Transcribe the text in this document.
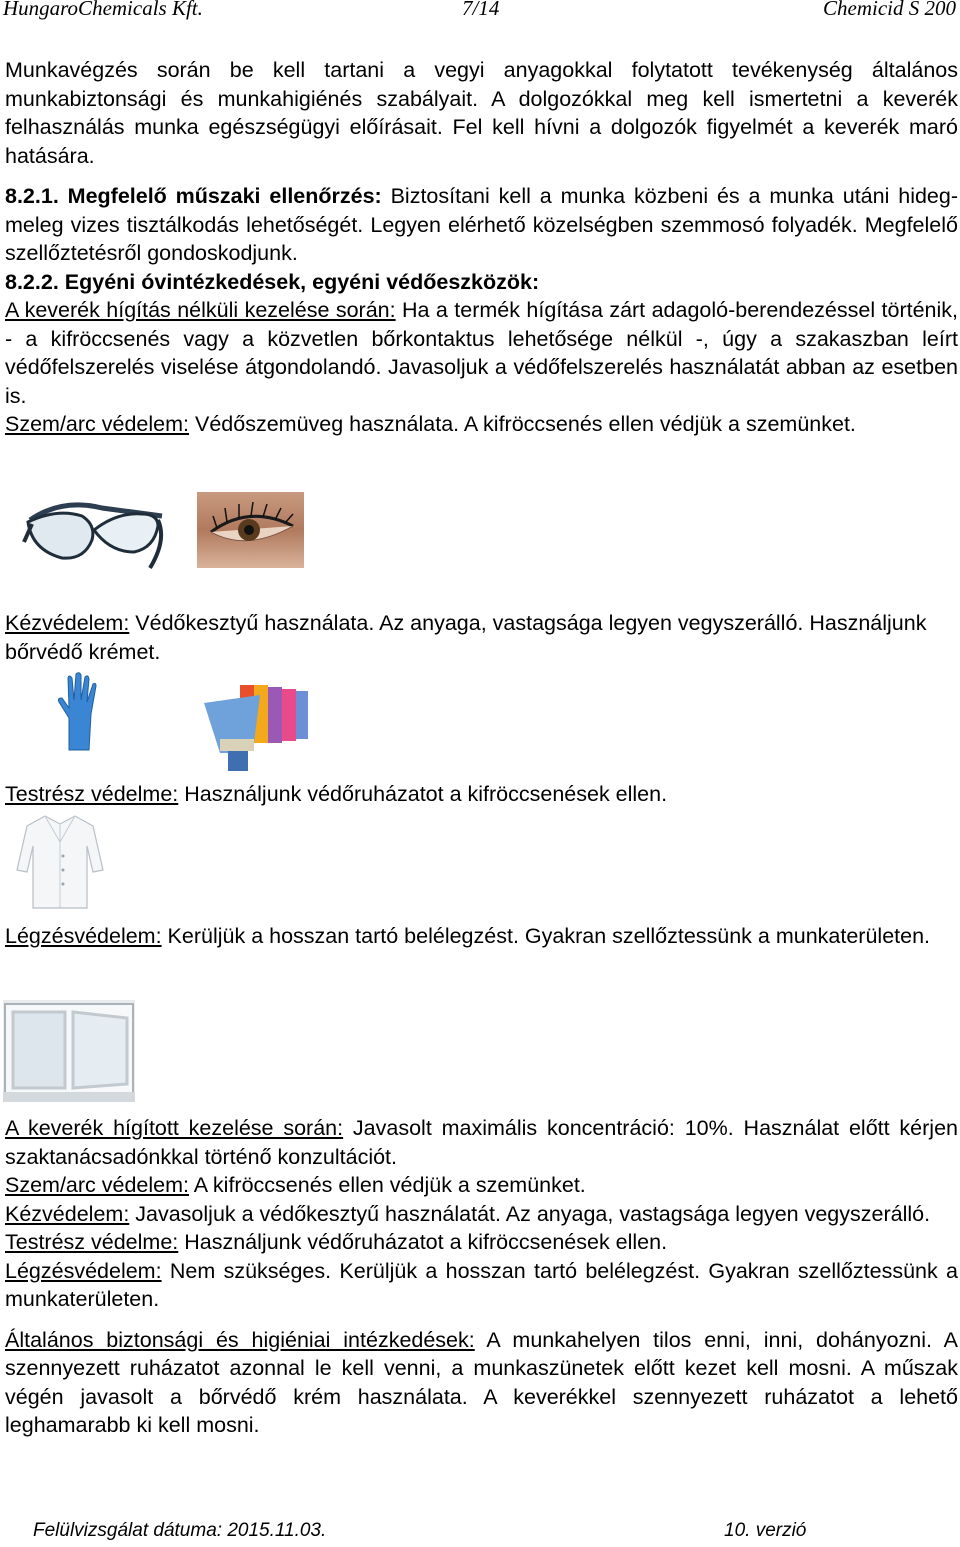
HungaroChemicals Kft.	7/14	Chemicid S 200

Munkavégzés során be kell tartani a vegyi anyagokkal folytatott tevékenység általános munkabiztonsági és munkahigiénés szabályait. A dolgozókkal meg kell ismertetni a keverék felhasználás munka egészségügyi előírásait. Fel kell hívni a dolgozók figyelmét a keverék maró hatására.

8.2.1. Megfelelő műszaki ellenőrzés: Biztosítani kell a munka közbeni és a munka utáni hideg-meleg vizes tisztálkodás lehetőségét. Legyen elérhető közelségben szemmosó folyadék. Megfelelő szellőztetésről gondoskodjunk.

8.2.2. Egyéni óvintézkedések, egyéni védőeszközök:

A keverék hígítás nélküli kezelése során: Ha a termék hígítása zárt adagoló-berendezéssel történik, - a kifröccsenés vagy a közvetlen bőrkontaktus lehetősége nélkül -, úgy a szakaszban leírt védőfelszerelés viselése átgondolandó. Javasoljuk a védőfelszerelés használatát abban az esetben is.

Szem/arc védelem: Védőszemüveg használata. A kifröccsenés ellen védjük a szemünket.

Kézvédelem: Védőkesztyű használata. Az anyaga, vastagsága legyen vegyszerálló. Használjunk bőrvédő krémet.

Testrész védelme: Használjunk védőruházatot a kifröccsenések ellen.

Légzésvédelem: Kerüljük a hosszan tartó belélegzést. Gyakran szellőztessünk a munkaterületen.

A keverék hígított kezelése során: Javasolt maximális koncentráció: 10%. Használat előtt kérjen szaktanácsadónkkal történő konzultációt.

Szem/arc védelem: A kifröccsenés ellen védjük a szemünket.

Kézvédelem: Javasoljuk a védőkesztyű használatát. Az anyaga, vastagsága legyen vegyszerálló.

Testrész védelme: Használjunk védőruházatot a kifröccsenések ellen.

Légzésvédelem: Nem szükséges. Kerüljük a hosszan tartó belélegzést. Gyakran szellőztessünk a munkaterületen.

Általános biztonsági és higiéniai intézkedések: A munkahelyen tilos enni, inni, dohányozni. A szennyezett ruházatot azonnal le kell venni, a munkaszünetek előtt kezet kell mosni. A műszak végén javasolt a bőrvédő krém használata. A keverékkel szennyezett ruházatot a lehető leghamarabb ki kell mosni.

Felülvizsgálat dátuma: 2015.11.03.	10. verzió
